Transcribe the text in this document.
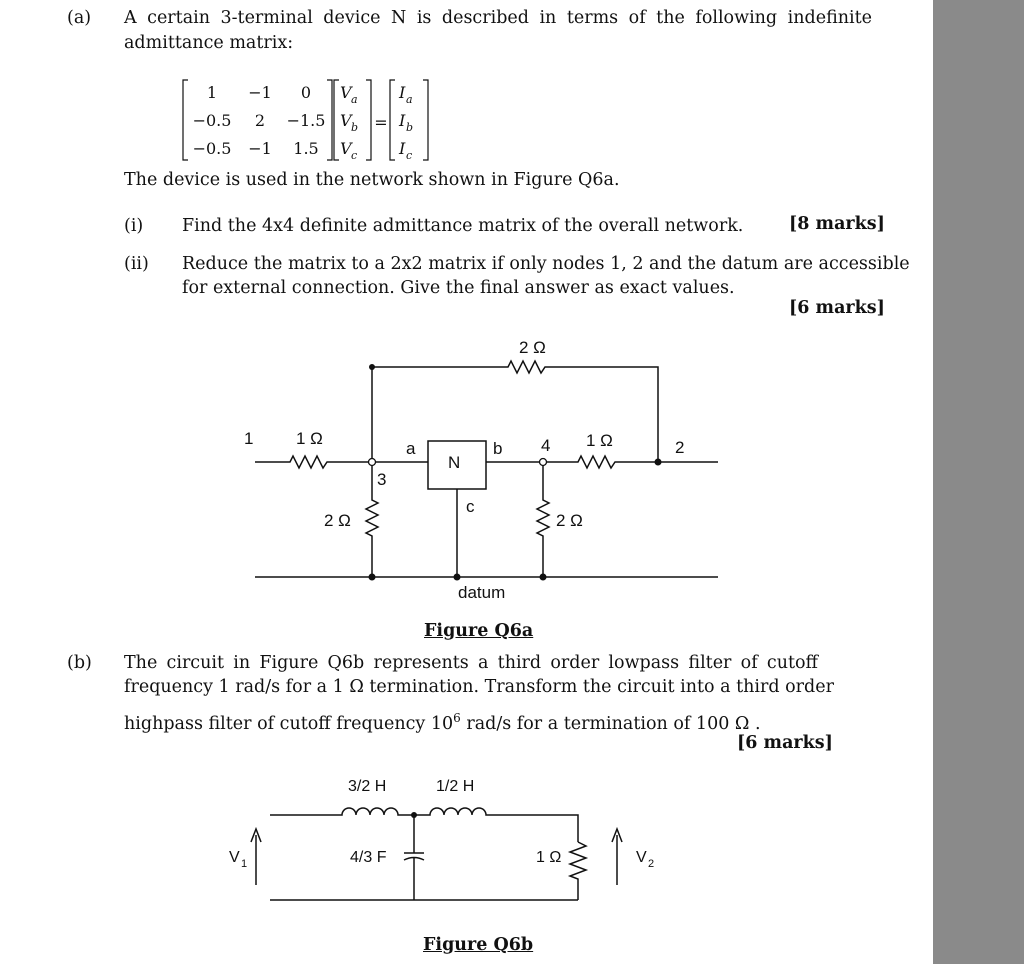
(a) A certain 3-terminal device N is described in terms of the following indefinite
admittance matrix:
1 −1 0
−0.5 2 −1.5
−0.5 −1 1.5
=
V a
V b
V c
I a
I b
I c
The device is used in the network shown in Figure Q6a.
(i) Find the 4x4 definite admittance matrix of the overall network.	[8 marks]
(ii) Reduce the matrix to a 2x2 matrix if only nodes 1, 2 and the datum are accessible
for external connection. Give the final answer as exact values.
[6 marks]
2 Ω
1	1 Ω
a
N
b 4 1 Ω	2
3
2 Ω
c
2 Ω
datum
Figure Q6a
(b) The circuit in Figure Q6b represents a third order lowpass filter of cutoff
frequency 1 rad/s for a 1 Ω termination. Transform the circuit into a third order
highpass filter of cutoff frequency $10^6$ rad/s for a termination of 100 Ω .
[6 marks]
3/2 H	1/2 H
V 1	4/3 F	1 Ω	V 2
Figure Q6b
